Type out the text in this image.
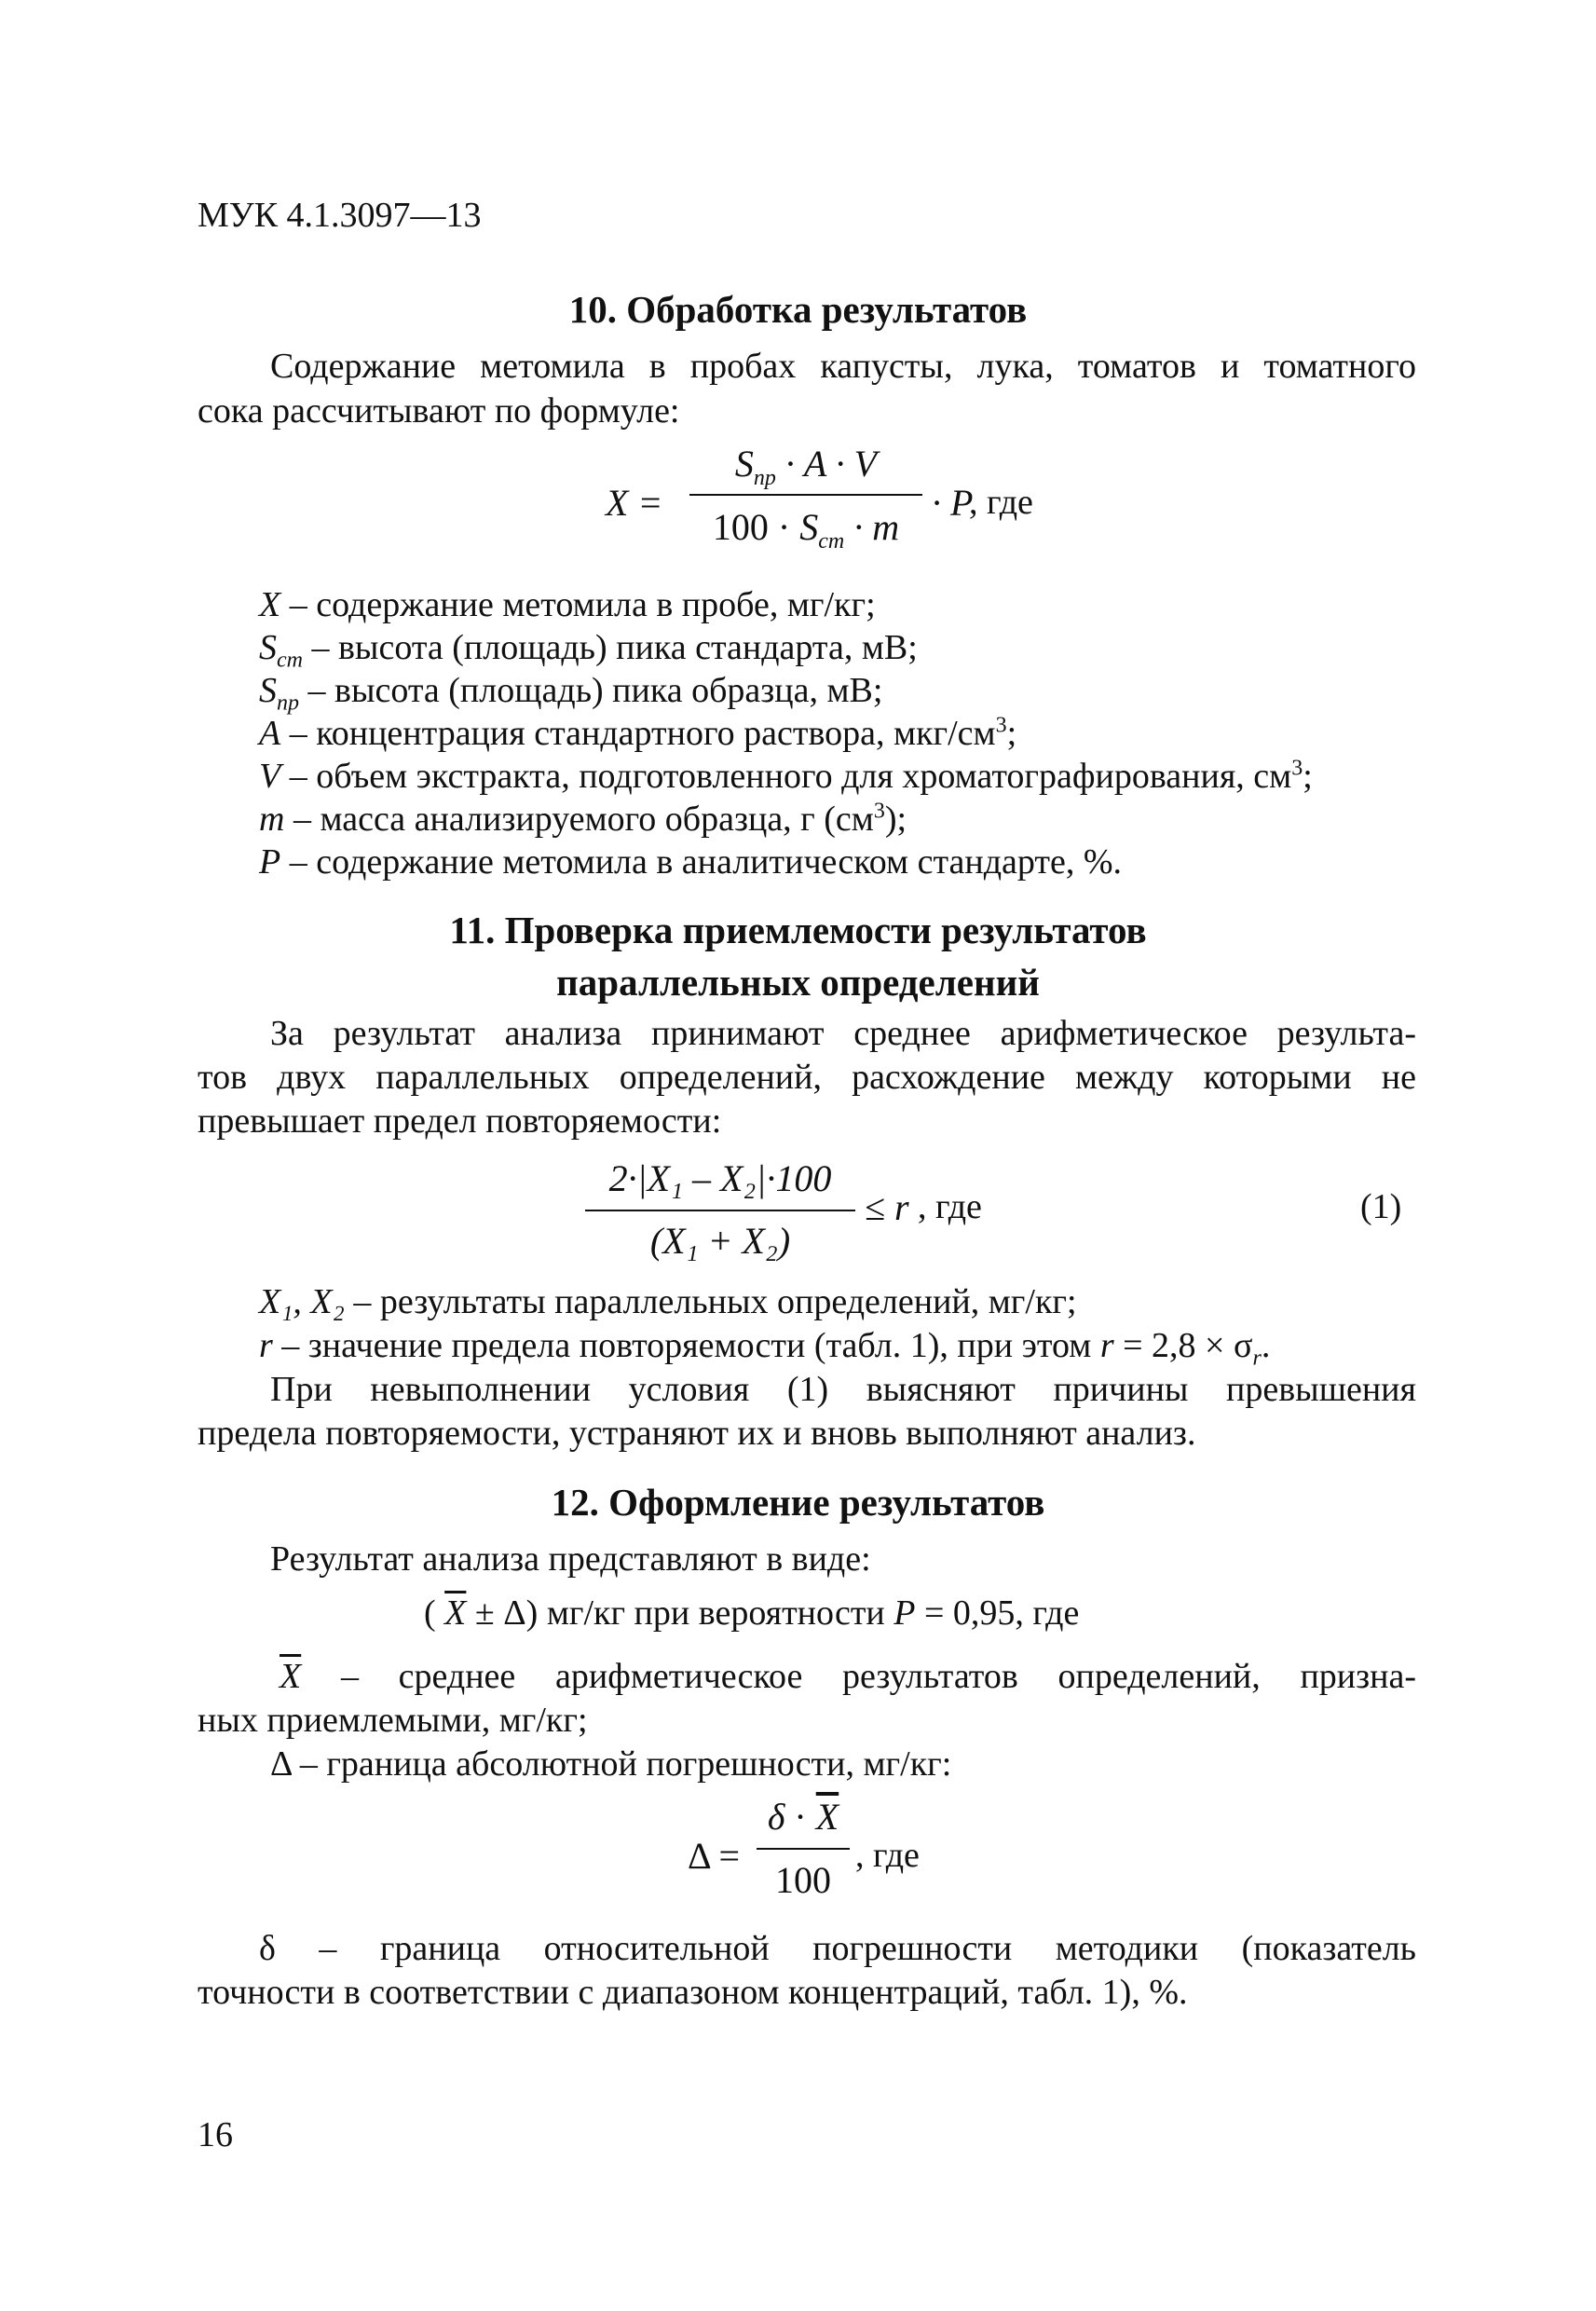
МУК 4.1.3097—13
10. Обработка результатов
Содержание метомила в пробах капусты, лука, томатов и томатного
сока рассчитывают по формуле:
X =
$S_{пр} \cdot A \cdot V$
$100 \cdot S_{ст} \cdot m$
· P
, где
X – содержание метомила в пробе, мг/кг;
$S_{ст}$ – высота (площадь) пика стандарта, мВ;
$S_{пр}$ – высота (площадь) пика образца, мВ;
A – концентрация стандартного раствора, мкг/$см^3$;
V – объем экстракта, подготовленного для хроматографирования, $см^3$;
m – масса анализируемого образца, г $(см^3)$;
P – содержание метомила в аналитическом стандарте, %.
11. Проверка приемлемости результатов
параллельных определений
За результат анализа принимают среднее арифметическое результа-
тов двух параллельных определений, расхождение между которыми не
превышает предел повторяемости:
2·|X₁ – X₂|·100
(X₁ + X₂)
≤ r , где	(1)
X₁, X₂ – результаты параллельных определений, мг/кг;
r – значение предела повторяемости (табл. 1), при этом $r = 2,8 \times \sigma_r$.
При невыполнении условия (1) выясняют причины превышения
предела повторяемости, устраняют их и вновь выполняют анализ.
12. Оформление результатов
Результат анализа представляют в виде:
( $\overline{X} \pm \Delta$) мг/кг при вероятности P = 0,95, где
$\overline{X}$ – среднее арифметическое результатов определений, призна-
ных приемлемыми, мг/кг;
Δ – граница абсолютной погрешности, мг/кг:
Δ =
$\delta \cdot \overline{X}$
100
, где
δ – граница относительной погрешности методики (показатель
точности в соответствии с диапазоном концентраций, табл. 1), %.
16
